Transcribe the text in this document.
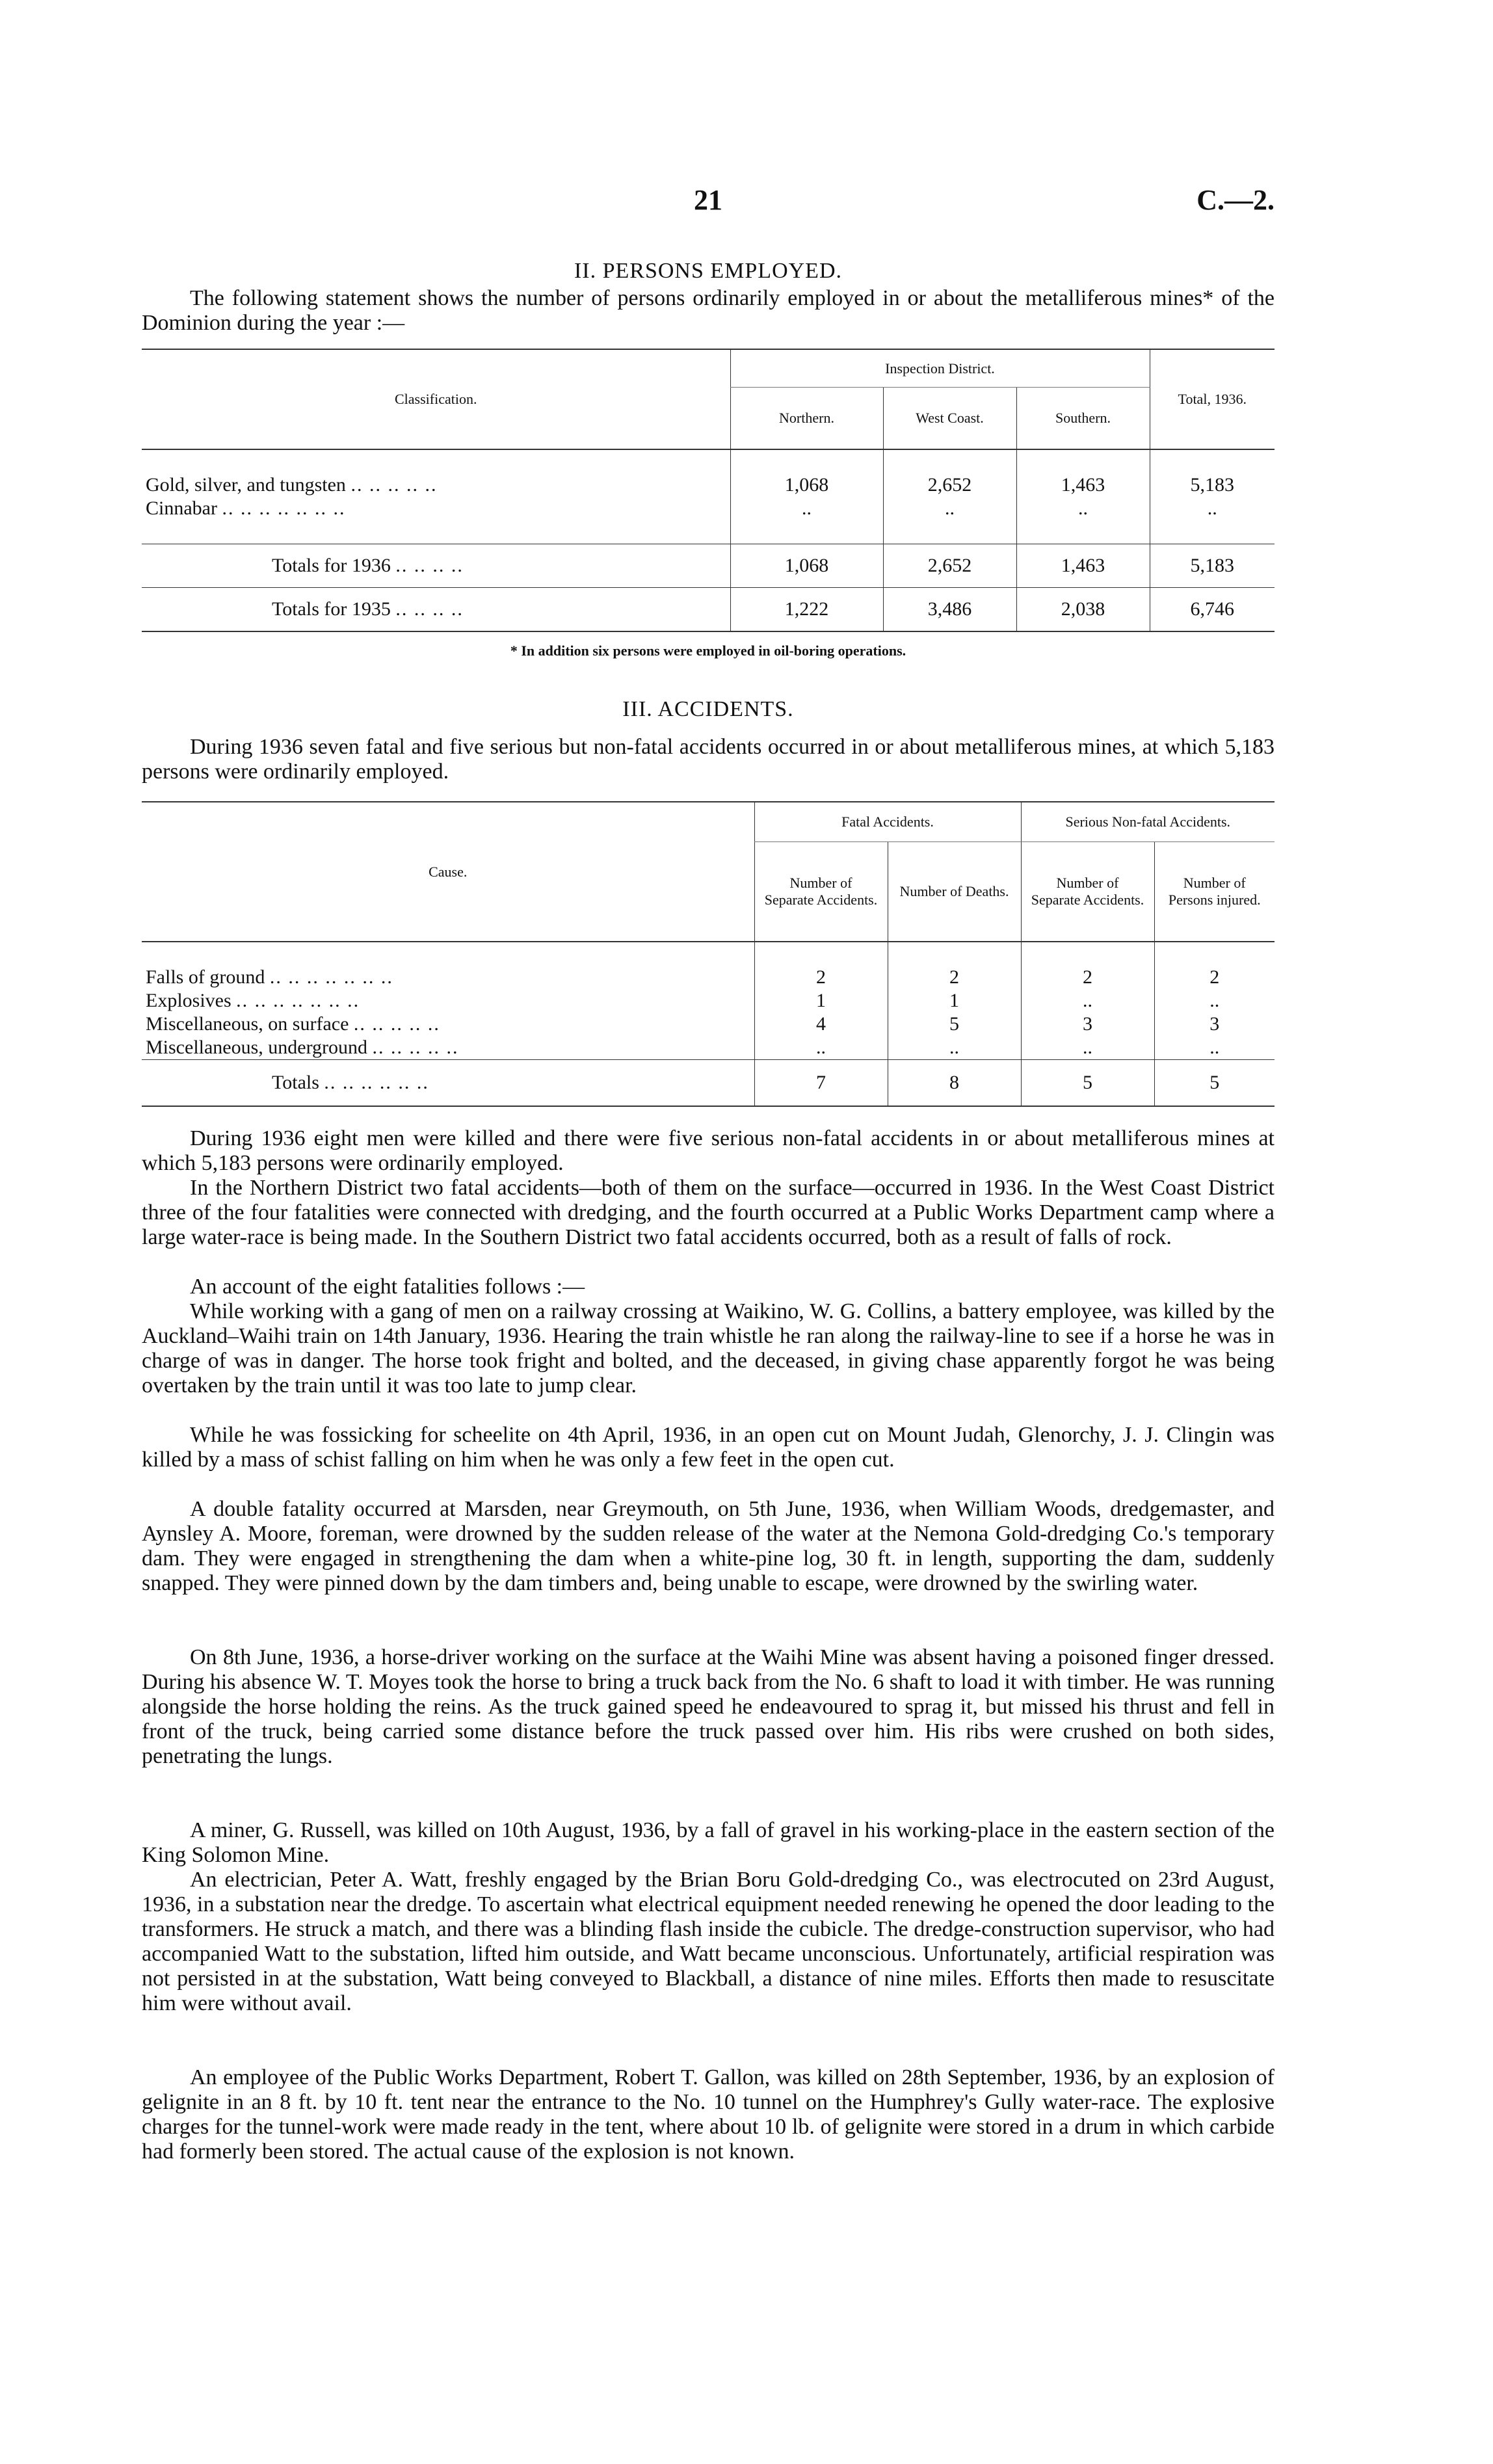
21	C.—2.
II. PERSONS EMPLOYED.

The following statement shows the number of persons ordinarily employed in or about the metalliferous mines* of the Dominion during the year :—

Classification.	Inspection District.			Total, 1936.
	Northern.	West Coast.	Southern.	

Gold, silver, and tungsten .. .. .. .. ..	1,068	2,652	1,463	5,183
Cinnabar .. .. .. .. .. .. ..	..	..	..	..

Totals for 1936 .. .. .. ..	1,068	2,652	1,463	5,183
Totals for 1935 .. .. .. ..	1,222	3,486	2,038	6,746
* In addition six persons were employed in oil-boring operations.
III. ACCIDENTS.

During 1936 seven fatal and five serious but non-fatal accidents occurred in or about metalliferous mines, at which 5,183 persons were ordinarily employed.

Cause.	Fatal Accidents.		Serious Non-fatal Accidents.	
	Number of Separate Accidents.	Number of Deaths.	Number of Separate Accidents.	Number of Persons injured.

Falls of ground .. .. .. .. .. .. ..	2	2	2	2
Explosives .. .. .. .. .. .. ..	1	1	..	..
Miscellaneous, on surface .. .. .. .. ..	4	5	3	3
Miscellaneous, underground .. .. .. .. ..	..	..	..	..
Totals .. .. .. .. .. ..	7	8	5	5

During 1936 eight men were killed and there were five serious non-fatal accidents in or about metalliferous mines at which 5,183 persons were ordinarily employed.

In the Northern District two fatal accidents—both of them on the surface—occurred in 1936. In the West Coast District three of the four fatalities were connected with dredging, and the fourth occurred at a Public Works Department camp where a large water-race is being made. In the Southern District two fatal accidents occurred, both as a result of falls of rock.

An account of the eight fatalities follows :—

While working with a gang of men on a railway crossing at Waikino, W. G. Collins, a battery employee, was killed by the Auckland–Waihi train on 14th January, 1936. Hearing the train whistle he ran along the railway-line to see if a horse he was in charge of was in danger. The horse took fright and bolted, and the deceased, in giving chase apparently forgot he was being overtaken by the train until it was too late to jump clear.

While he was fossicking for scheelite on 4th April, 1936, in an open cut on Mount Judah, Glenorchy, J. J. Clingin was killed by a mass of schist falling on him when he was only a few feet in the open cut.

A double fatality occurred at Marsden, near Greymouth, on 5th June, 1936, when William Woods, dredgemaster, and Aynsley A. Moore, foreman, were drowned by the sudden release of the water at the Nemona Gold-dredging Co.'s temporary dam. They were engaged in strengthening the dam when a white-pine log, 30 ft. in length, supporting the dam, suddenly snapped. They were pinned down by the dam timbers and, being unable to escape, were drowned by the swirling water.

On 8th June, 1936, a horse-driver working on the surface at the Waihi Mine was absent having a poisoned finger dressed. During his absence W. T. Moyes took the horse to bring a truck back from the No. 6 shaft to load it with timber. He was running alongside the horse holding the reins. As the truck gained speed he endeavoured to sprag it, but missed his thrust and fell in front of the truck, being carried some distance before the truck passed over him. His ribs were crushed on both sides, penetrating the lungs.

A miner, G. Russell, was killed on 10th August, 1936, by a fall of gravel in his working-place in the eastern section of the King Solomon Mine.

An electrician, Peter A. Watt, freshly engaged by the Brian Boru Gold-dredging Co., was electrocuted on 23rd August, 1936, in a substation near the dredge. To ascertain what electrical equipment needed renewing he opened the door leading to the transformers. He struck a match, and there was a blinding flash inside the cubicle. The dredge-construction supervisor, who had accompanied Watt to the substation, lifted him outside, and Watt became unconscious. Unfortunately, artificial respiration was not persisted in at the substation, Watt being conveyed to Blackball, a distance of nine miles. Efforts then made to resuscitate him were without avail.

An employee of the Public Works Department, Robert T. Gallon, was killed on 28th September, 1936, by an explosion of gelignite in an 8 ft. by 10 ft. tent near the entrance to the No. 10 tunnel on the Humphrey's Gully water-race. The explosive charges for the tunnel-work were made ready in the tent, where about 10 lb. of gelignite were stored in a drum in which carbide had formerly been stored. The actual cause of the explosion is not known.
